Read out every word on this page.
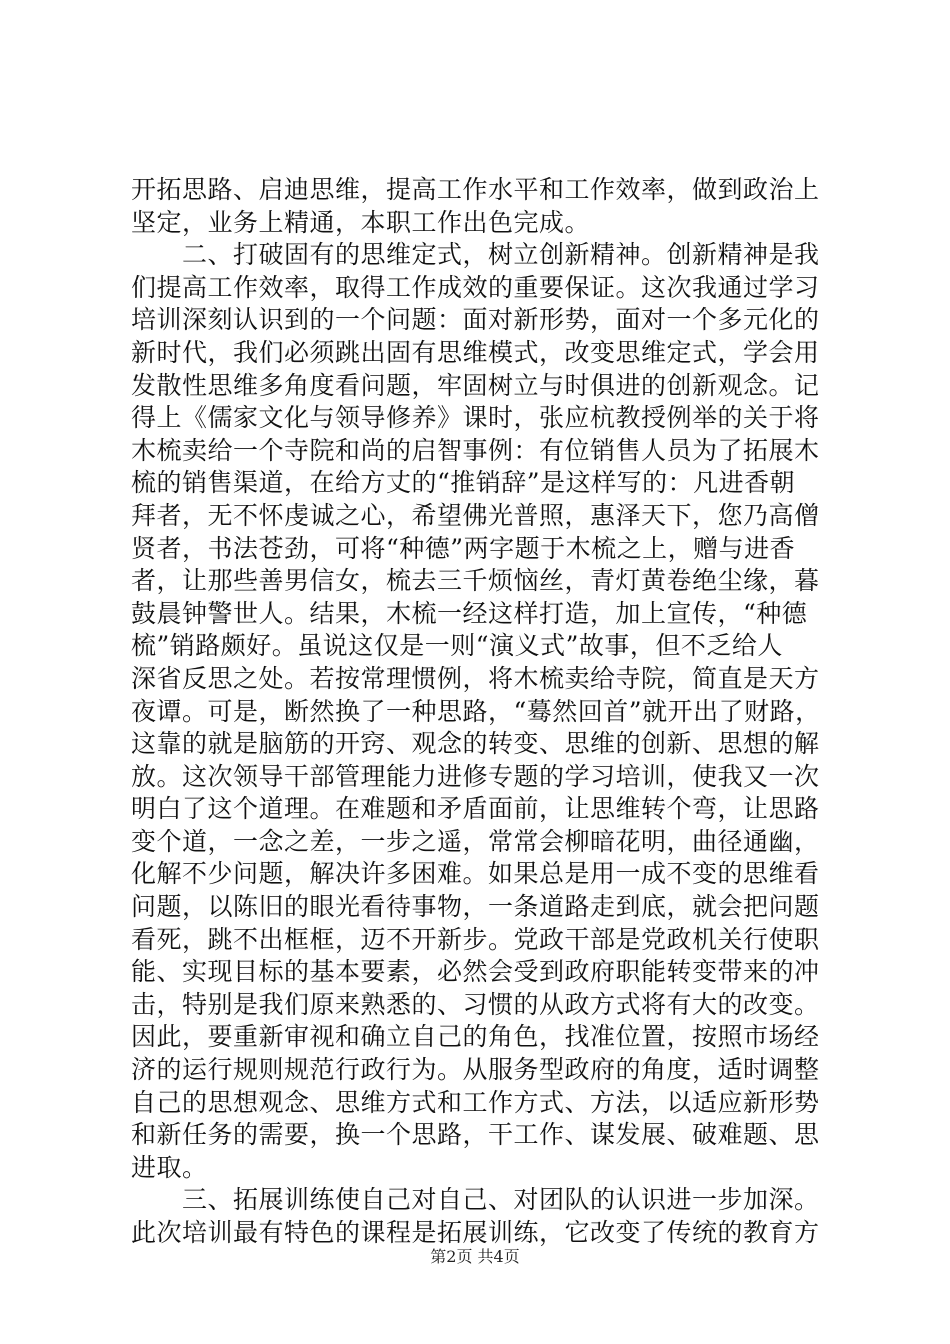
开拓思路、启迪思维，提高工作水平和工作效率，做到政治上
坚定，业务上精通，本职工作出色完成。
　　二、打破固有的思维定式，树立创新精神。创新精神是我
们提高工作效率，取得工作成效的重要保证。这次我通过学习
培训深刻认识到的一个问题：面对新形势，面对一个多元化的
新时代，我们必须跳出固有思维模式，改变思维定式，学会用
发散性思维多角度看问题，牢固树立与时俱进的创新观念。记
得上《儒家文化与领导修养》课时，张应杭教授例举的关于将
木梳卖给一个寺院和尚的启智事例：有位销售人员为了拓展木
梳的销售渠道，在给方丈的“推销辞”是这样写的：凡进香朝
拜者，无不怀虔诚之心，希望佛光普照，惠泽天下，您乃高僧
贤者，书法苍劲，可将“种德”两字题于木梳之上，赠与进香
者，让那些善男信女，梳去三千烦恼丝，青灯黄卷绝尘缘，暮
鼓晨钟警世人。结果，木梳一经这样打造，加上宣传，“种德
梳”销路颇好。虽说这仅是一则“演义式”故事，但不乏给人
深省反思之处。若按常理惯例，将木梳卖给寺院，简直是天方
夜谭。可是，断然换了一种思路，“蓦然回首”就开出了财路，
这靠的就是脑筋的开窍、观念的转变、思维的创新、思想的解
放。这次领导干部管理能力进修专题的学习培训，使我又一次
明白了这个道理。在难题和矛盾面前，让思维转个弯，让思路
变个道，一念之差，一步之遥，常常会柳暗花明，曲径通幽，
化解不少问题，解决许多困难。如果总是用一成不变的思维看
问题，以陈旧的眼光看待事物，一条道路走到底，就会把问题
看死，跳不出框框，迈不开新步。党政干部是党政机关行使职
能、实现目标的基本要素，必然会受到政府职能转变带来的冲
击，特别是我们原来熟悉的、习惯的从政方式将有大的改变。
因此，要重新审视和确立自己的角色，找准位置，按照市场经
济的运行规则规范行政行为。从服务型政府的角度，适时调整
自己的思想观念、思维方式和工作方式、方法，以适应新形势
和新任务的需要，换一个思路，干工作、谋发展、破难题、思
进取。
　　三、拓展训练使自己对自己、对团队的认识进一步加深。
此次培训最有特色的课程是拓展训练，它改变了传统的教育方
第2页 共4页
